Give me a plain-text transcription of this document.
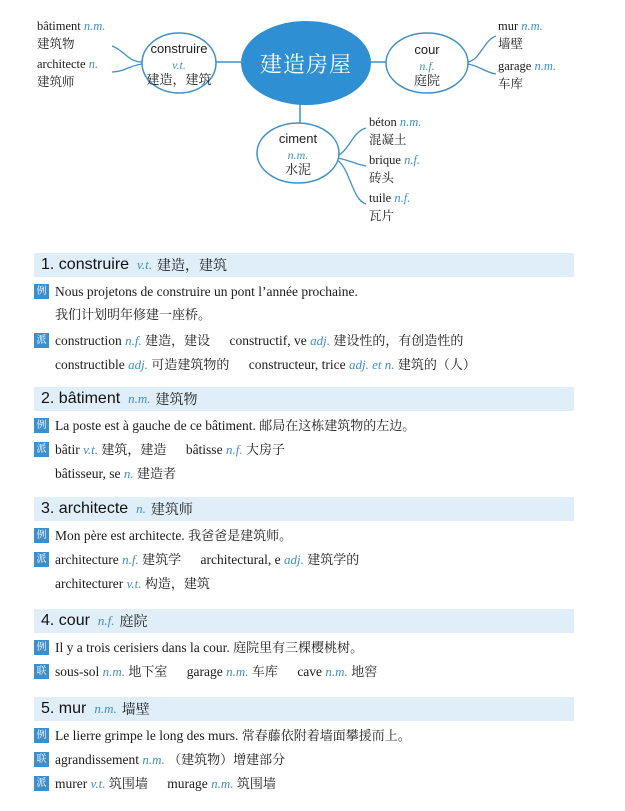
建造房屋
construire
v.t.
建造，建筑
cour
n.f.
庭院
ciment
n.m.
水泥
bâtiment n.m.
建筑物
architecte n.
建筑师
mur n.m.
墙壁
garage n.m.
车库
béton n.m.
混凝土
brique n.f.
砖头
tuile n.f.
瓦片
1. construire v.t. 建造，建筑
例 Nous projetons de construire un pont l’année prochaine.
我们计划明年修建一座桥。
派 construction n.f. 建造，建设 constructif, ve adj. 建设性的，有创造性的
constructible adj. 可造建筑物的 constructeur, trice adj. et n. 建筑的（人）
2. bâtiment n.m. 建筑物
例 La poste est à gauche de ce bâtiment. 邮局在这栋建筑物的左边。
派 bâtir v.t. 建筑，建造 bâtisse n.f. 大房子
bâtisseur, se n. 建造者
3. architecte n. 建筑师
例 Mon père est architecte. 我爸爸是建筑师。
派 architecture n.f. 建筑学 architectural, e adj. 建筑学的
architecturer v.t. 构造，建筑
4. cour n.f. 庭院
例 Il y a trois cerisiers dans la cour. 庭院里有三棵樱桃树。
联 sous-sol n.m. 地下室 garage n.m. 车库 cave n.m. 地窖
5. mur n.m. 墙壁
例 Le lierre grimpe le long des murs. 常春藤依附着墙面攀援而上。
联 agrandissement n.m. （建筑物）增建部分
派 murer v.t. 筑围墙 murage n.m. 筑围墙
